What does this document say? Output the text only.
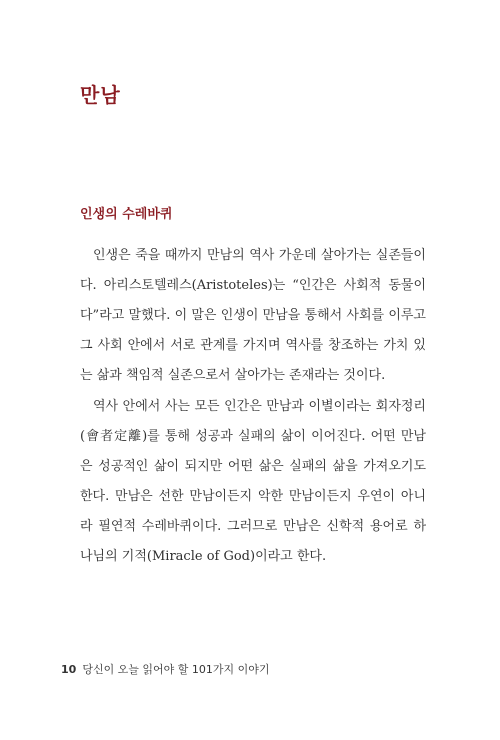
만남
인생의 수레바퀴

인생은 죽을 때까지 만남의 역사 가운데 살아가는 실존들이다. 아리스토텔레스(Aristoteles)는 “인간은 사회적 동물이다”라고 말했다. 이 말은 인생이 만남을 통해서 사회를 이루고 그 사회 안에서 서로 관계를 가지며 역사를 창조하는 가치 있는 삶과 책임적 실존으로서 살아가는 존재라는 것이다.

역사 안에서 사는 모든 인간은 만남과 이별이라는 회자정리(會者定離)를 통해 성공과 실패의 삶이 이어진다. 어떤 만남은 성공적인 삶이 되지만 어떤 삶은 실패의 삶을 가져오기도 한다. 만남은 선한 만남이든지 악한 만남이든지 우연이 아니라 필연적 수레바퀴이다. 그러므로 만남은 신학적 용어로 하나님의 기적(Miracle of God)이라고 한다.

10 당신이 오늘 읽어야 할 101가지 이야기
